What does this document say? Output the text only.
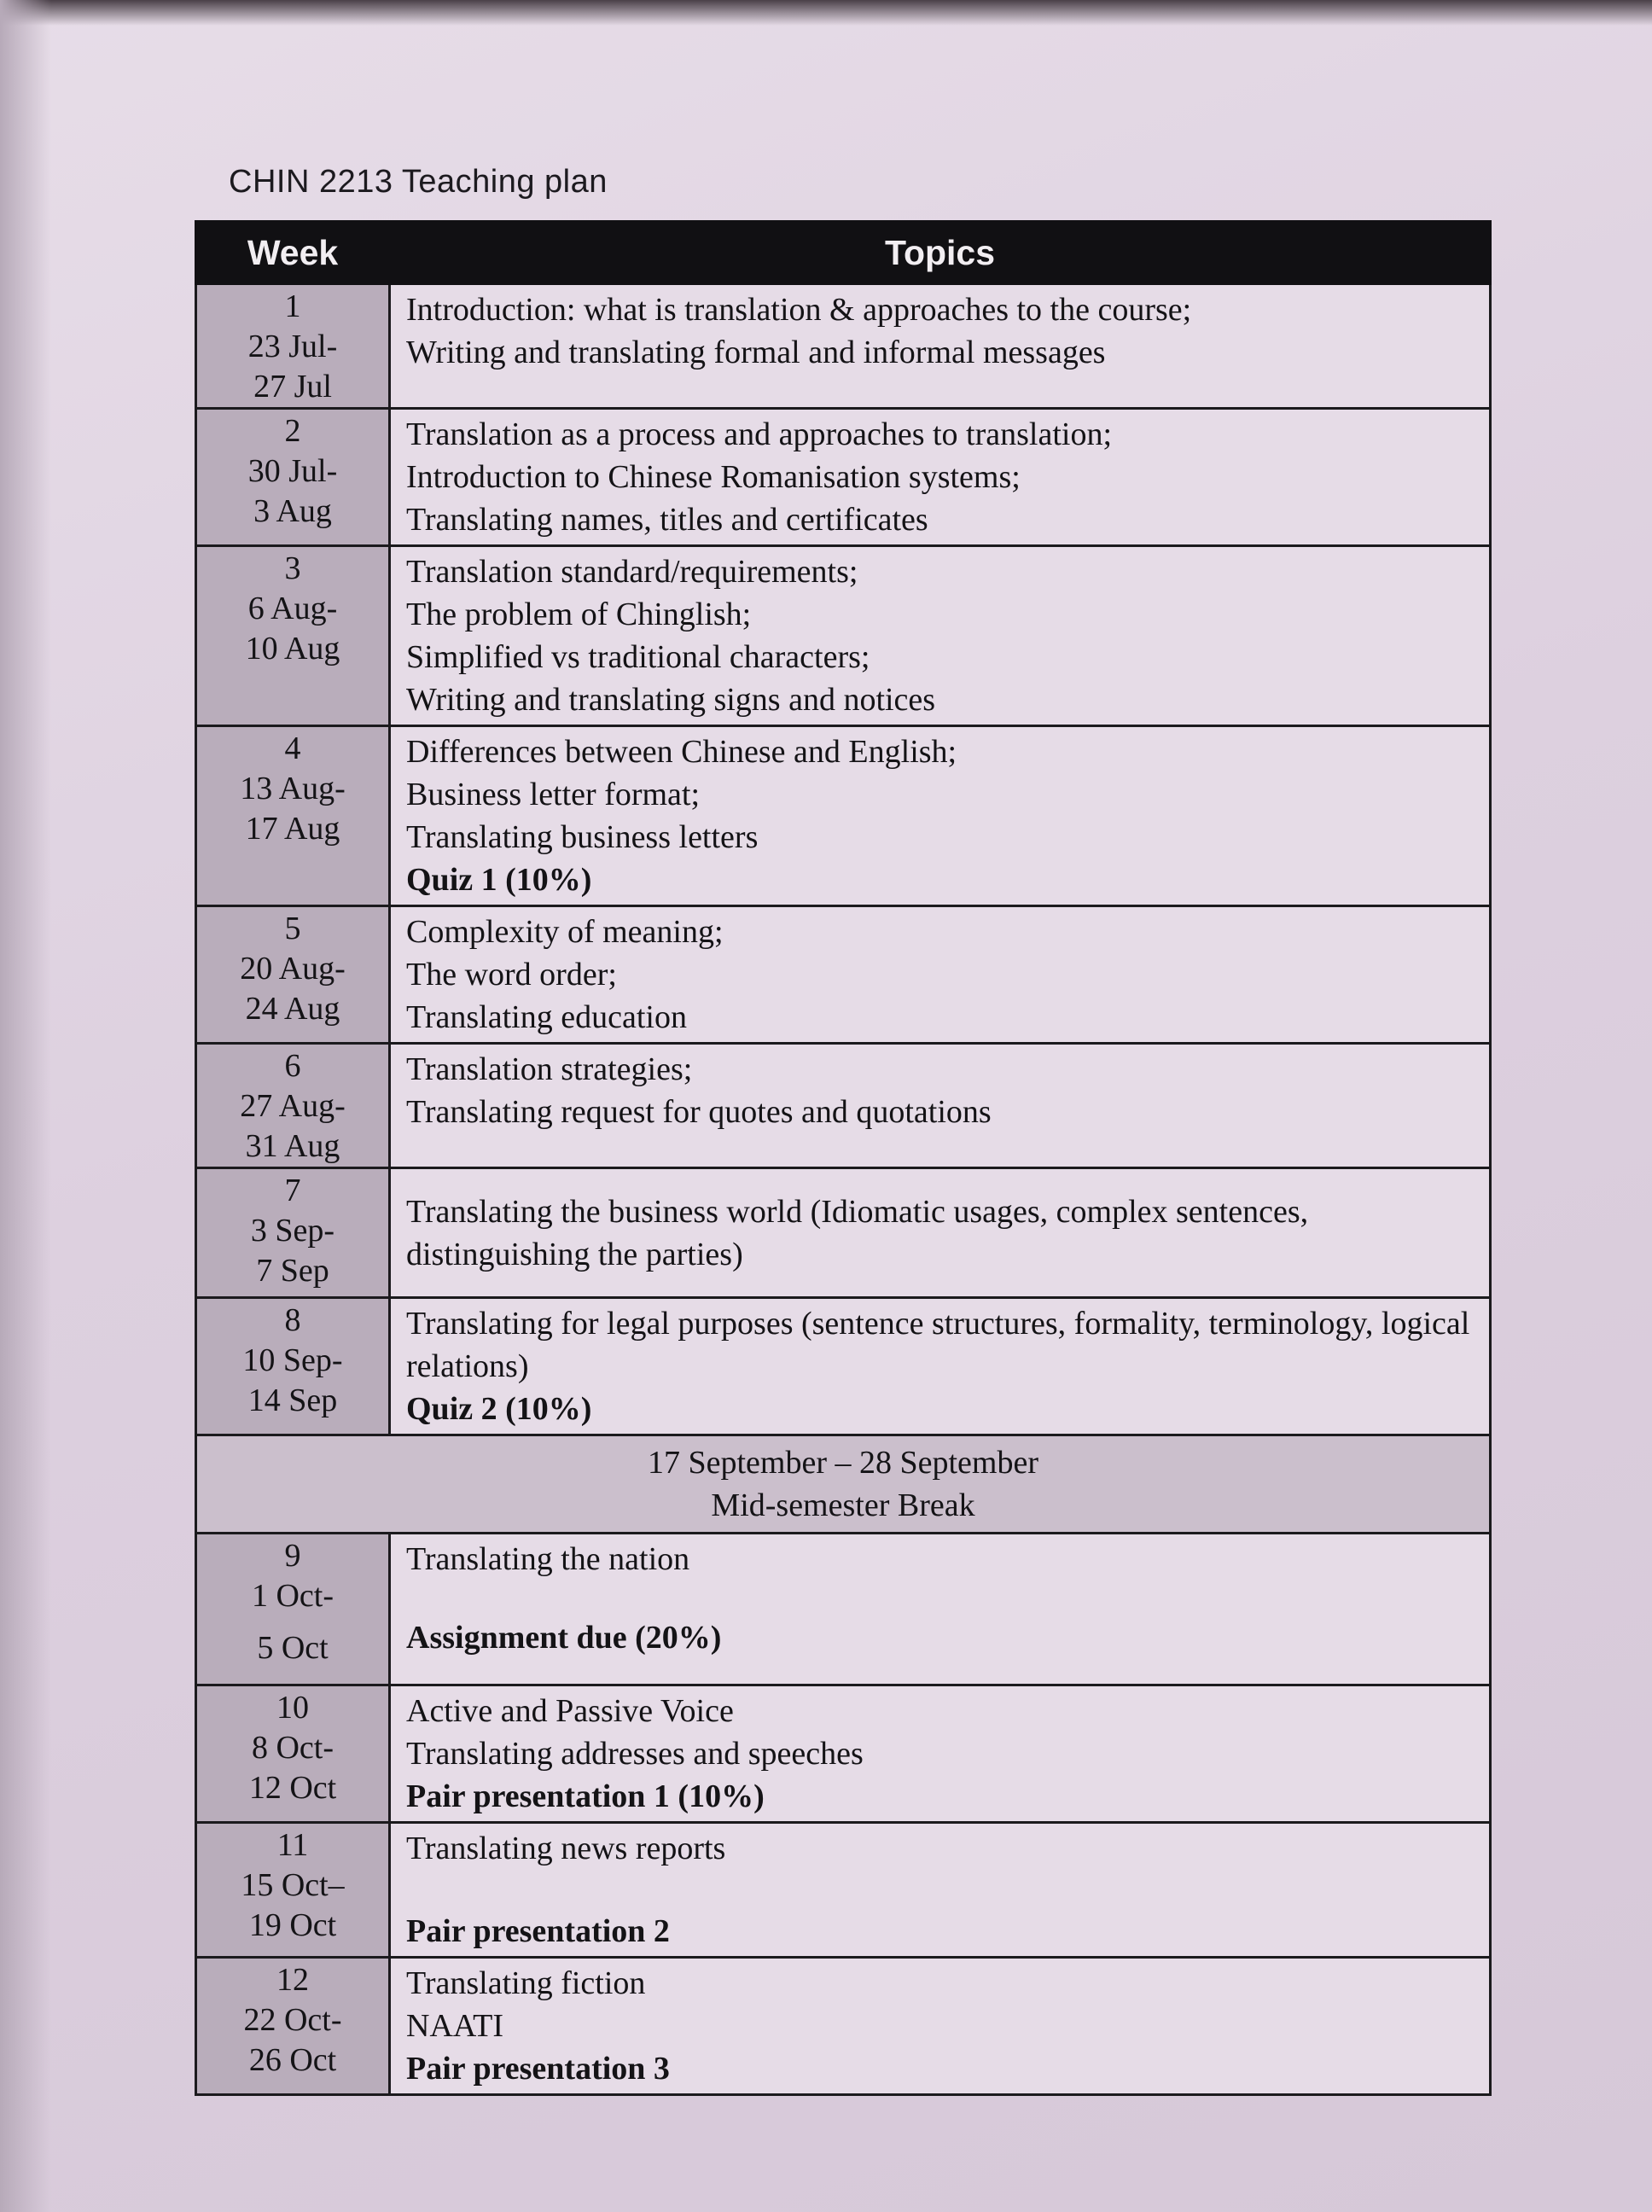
CHIN 2213 Teaching plan
Week	Topics

1
23 Jul-
27 Jul	Introduction: what is translation & approaches to the course;
Writing and translating formal and informal messages

2
30 Jul-
3 Aug	Translation as a process and approaches to translation;
Introduction to Chinese Romanisation systems;
Translating names, titles and certificates

3
6 Aug-
10 Aug	Translation standard/requirements;
The problem of Chinglish;
Simplified vs traditional characters;
Writing and translating signs and notices

4
13 Aug-
17 Aug	Differences between Chinese and English;
Business letter format;
Translating business letters
Quiz 1 (10%)

5
20 Aug-
24 Aug	Complexity of meaning;
The word order;
Translating education

6
27 Aug-
31 Aug	Translation strategies;
Translating request for quotes and quotations

7
3 Sep-
7 Sep	Translating the business world (Idiomatic usages, complex sentences, distinguishing the parties)

8
10 Sep-
14 Sep	Translating for legal purposes (sentence structures, formality, terminology, logical relations)
Quiz 2 (10%)

17 September – 28 September
Mid-semester Break	

9
1 Oct-
5 Oct	Translating the nation
Assignment due (20%)

10
8 Oct-
12 Oct	Active and Passive Voice
Translating addresses and speeches
Pair presentation 1 (10%)

11
15 Oct–
19 Oct	Translating news reports
Pair presentation 2

12
22 Oct-
26 Oct	Translating fiction
NAATI
Pair presentation 3
